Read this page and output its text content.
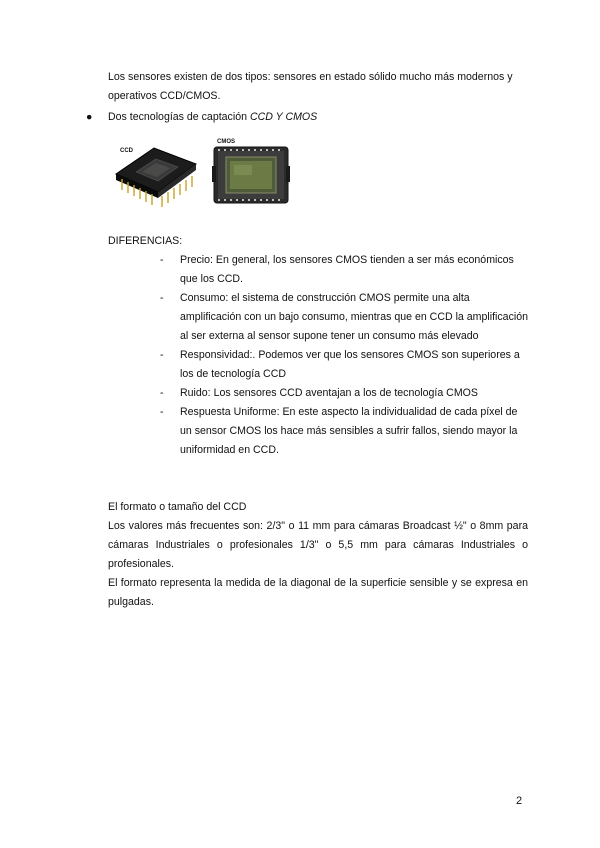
Los sensores existen de dos tipos: sensores en estado sólido mucho más modernos y operativos CCD/CMOS.

● Dos tecnologías de captación CCD Y CMOS
CCD
CMOS

DIFERENCIAS:

- Precio: En general, los sensores CMOS tienden a ser más económicos que los CCD.
- Consumo: el sistema de construcción CMOS permite una alta amplificación con un bajo consumo, mientras que en CCD la amplificación al ser externa al sensor supone tener un consumo más elevado
- Responsividad:. Podemos ver que los sensores CMOS son superiores a los de tecnología CCD
- Ruido: Los sensores CCD aventajan a los de tecnología CMOS
- Respuesta Uniforme: En este aspecto la individualidad de cada píxel de un sensor CMOS los hace más sensibles a sufrir fallos, siendo mayor la uniformidad en CCD.
El formato o tamaño del CCD
Los valores más frecuentes son: 2/3" o 11 mm para cámaras Broadcast ½" o 8mm para cámaras Industriales o profesionales 1/3" o 5,5 mm para cámaras Industriales o profesionales.
El formato representa la medida de la diagonal de la superficie sensible y se expresa en pulgadas.
2
